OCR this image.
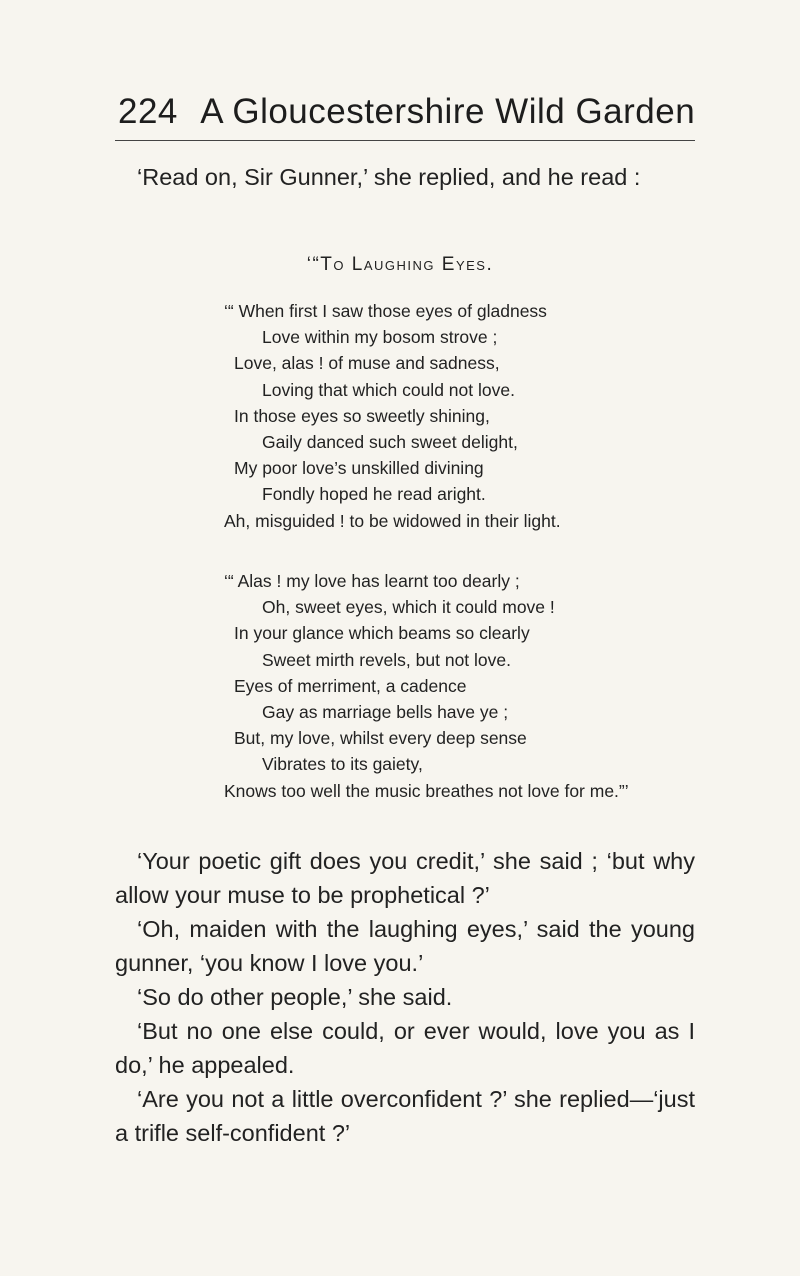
224 A Gloucestershire Wild Garden

‘Read on, Sir Gunner,’ she replied, and he read :

‘“To Laughing Eyes.
‘“ When first I saw those eyes of gladness
Love within my bosom strove ;
Love, alas ! of muse and sadness,
Loving that which could not love.
In those eyes so sweetly shining,
Gaily danced such sweet delight,
My poor love’s unskilled divining
Fondly hoped he read aright.
Ah, misguided ! to be widowed in their light.
‘“ Alas ! my love has learnt too dearly ;
Oh, sweet eyes, which it could move !
In your glance which beams so clearly
Sweet mirth revels, but not love.
Eyes of merriment, a cadence
Gay as marriage bells have ye ;
But, my love, whilst every deep sense
Vibrates to its gaiety,
Knows too well the music breathes not love for me.”’

‘Your poetic gift does you credit,’ she said ; ‘but why allow your muse to be prophetical ?’

‘Oh, maiden with the laughing eyes,’ said the young gunner, ‘you know I love you.’

‘So do other people,’ she said.

‘But no one else could, or ever would, love you as I do,’ he appealed.

‘Are you not a little overconfident ?’ she replied—‘just a trifle self-confident ?’
